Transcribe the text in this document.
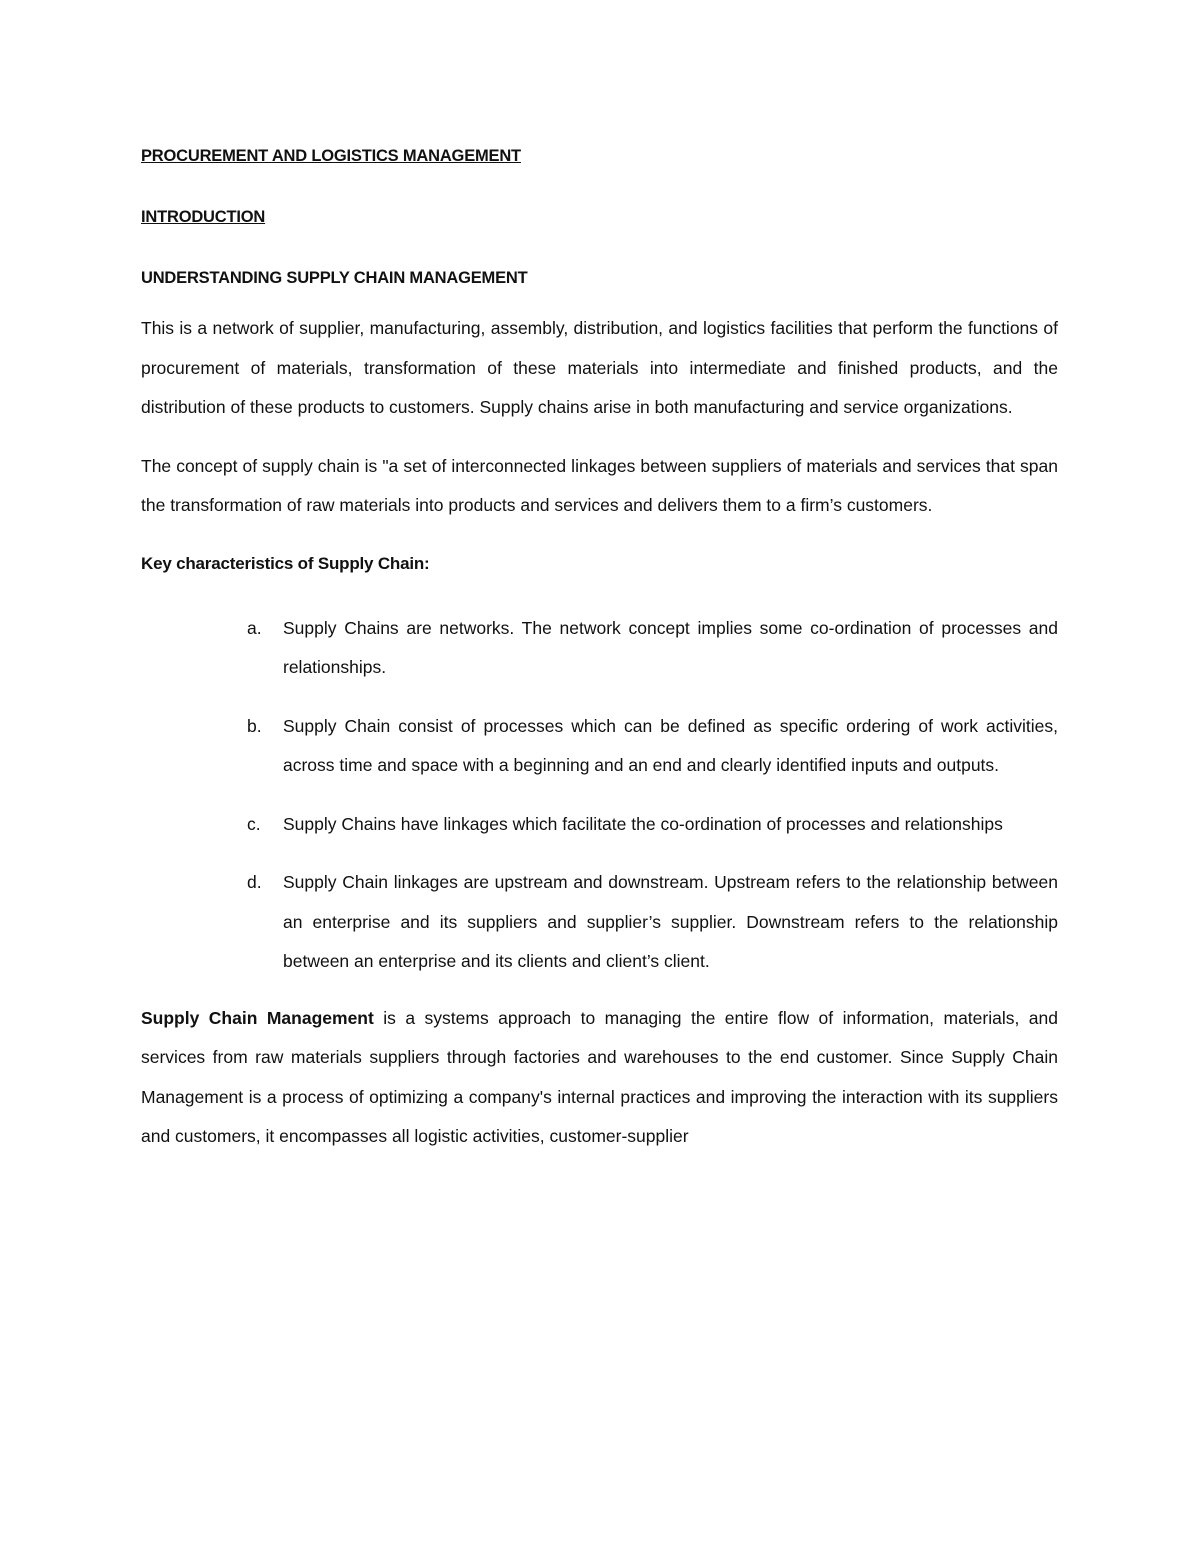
PROCUREMENT AND LOGISTICS MANAGEMENT

INTRODUCTION

UNDERSTANDING SUPPLY CHAIN MANAGEMENT

This is a network of supplier, manufacturing, assembly, distribution, and logistics facilities that perform the functions of procurement of materials, transformation of these materials into intermediate and finished products, and the distribution of these products to customers. Supply chains arise in both manufacturing and service organizations.

The concept of supply chain is "a set of interconnected linkages between suppliers of materials and services that span the transformation of raw materials into products and services and delivers them to a firm’s customers.

Key characteristics of Supply Chain:

a. Supply Chains are networks. The network concept implies some co-ordination of processes and relationships.
b. Supply Chain consist of processes which can be defined as specific ordering of work activities, across time and space with a beginning and an end and clearly identified inputs and outputs.
c. Supply Chains have linkages which facilitate the co-ordination of processes and relationships
d. Supply Chain linkages are upstream and downstream. Upstream refers to the relationship between an enterprise and its suppliers and supplier’s supplier. Downstream refers to the relationship between an enterprise and its clients and client’s client.

Supply Chain Management is a systems approach to managing the entire flow of information, materials, and services from raw materials suppliers through factories and warehouses to the end customer. Since Supply Chain Management is a process of optimizing a company's internal practices and improving the interaction with its suppliers and customers, it encompasses all logistic activities, customer-supplier
